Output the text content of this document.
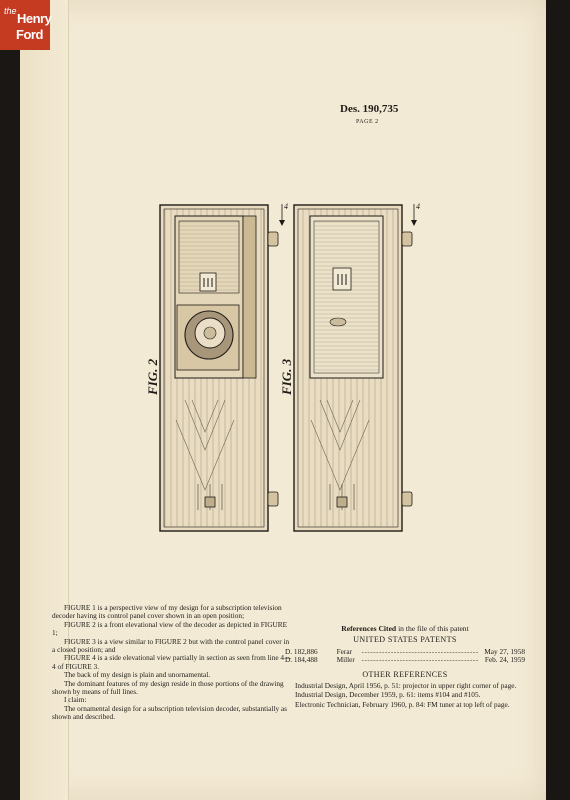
the Henry
Ford
Des. 190,735
PAGE 2
FIG. 2	FIG. 3
4	4

FIGURE 1 is a perspective view of my design for a subscription television decoder having its control panel cover shown in an open position;

FIGURE 2 is a front elevational view of the decoder as depicted in FIGURE 1;

FIGURE 3 is a view similar to FIGURE 2 but with the control panel cover in a closed position; and

FIGURE 4 is a side elevational view partially in section as seen from line 4—4 of FIGURE 3.

The back of my design is plain and unornamental.

The dominant features of my design reside in those portions of the drawing shown by means of full lines.

I claim:

The ornamental design for a subscription television decoder, substantially as shown and described.

References Cited in the file of this patent
UNITED STATES PATENTS
D. 182,886	Ferar	---------------------------------------- May 27, 1958
D. 184,488	Miller ---------------------------------------- Feb. 24, 1959
OTHER REFERENCES

Industrial Design, April 1956, p. 51: projector in upper right corner of page.

Industrial Design, December 1959, p. 61: items #104 and #105.

Electronic Technician, February 1960, p. 84: FM tuner at top left of page.
